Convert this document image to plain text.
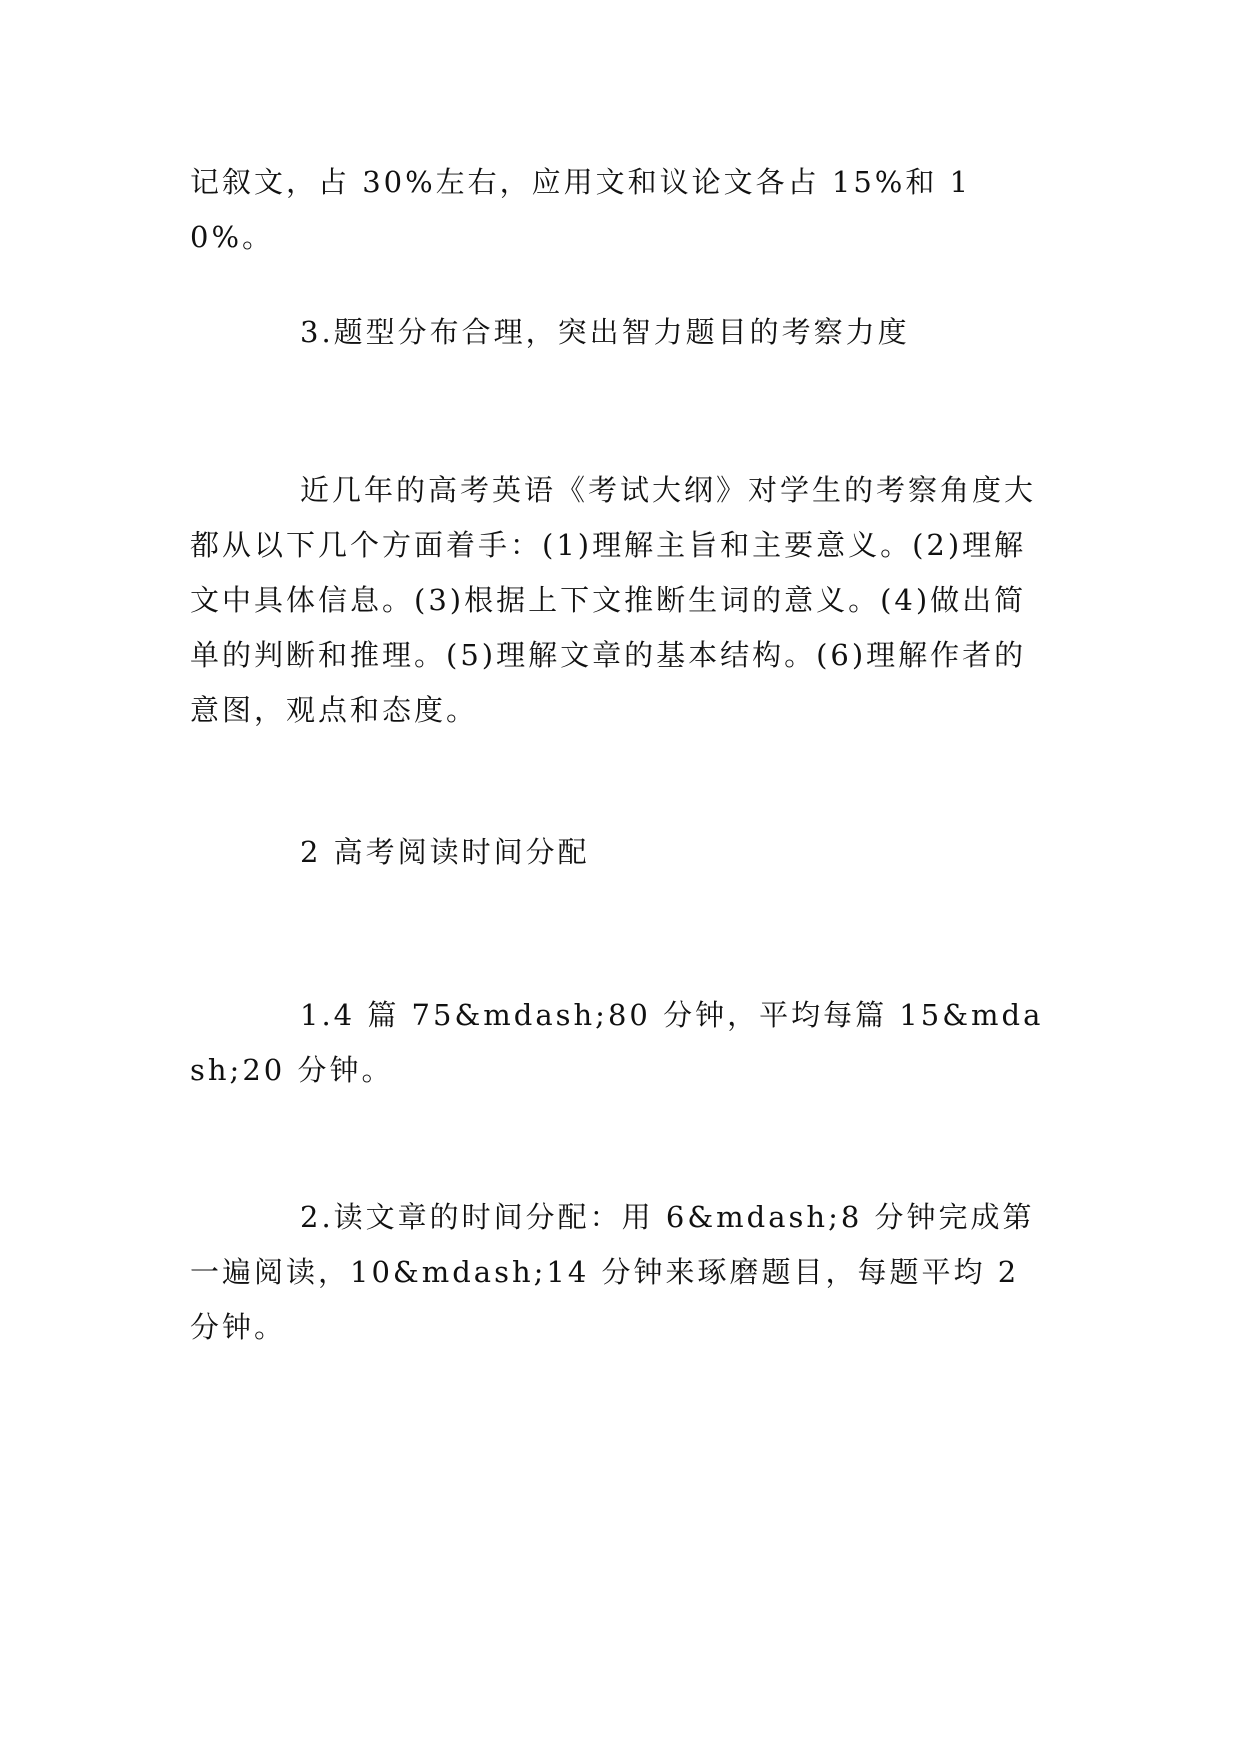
记叙文，占 30%左右，应用文和议论文各占 15%和 10%。

3.题型分布合理，突出智力题目的考察力度

近几年的高考英语《考试大纲》对学生的考察角度大都从以下几个方面着手：(1)理解主旨和主要意义。(2)理解文中具体信息。(3)根据上下文推断生词的意义。(4)做出简单的判断和推理。(5)理解文章的基本结构。(6)理解作者的意图，观点和态度。

2 高考阅读时间分配

1.4 篇 75&mdash;80 分钟，平均每篇 15&mdash;20 分钟。

2.读文章的时间分配：用 6&mdash;8 分钟完成第一遍阅读，10&mdash;14 分钟来琢磨题目，每题平均 2 分钟。
